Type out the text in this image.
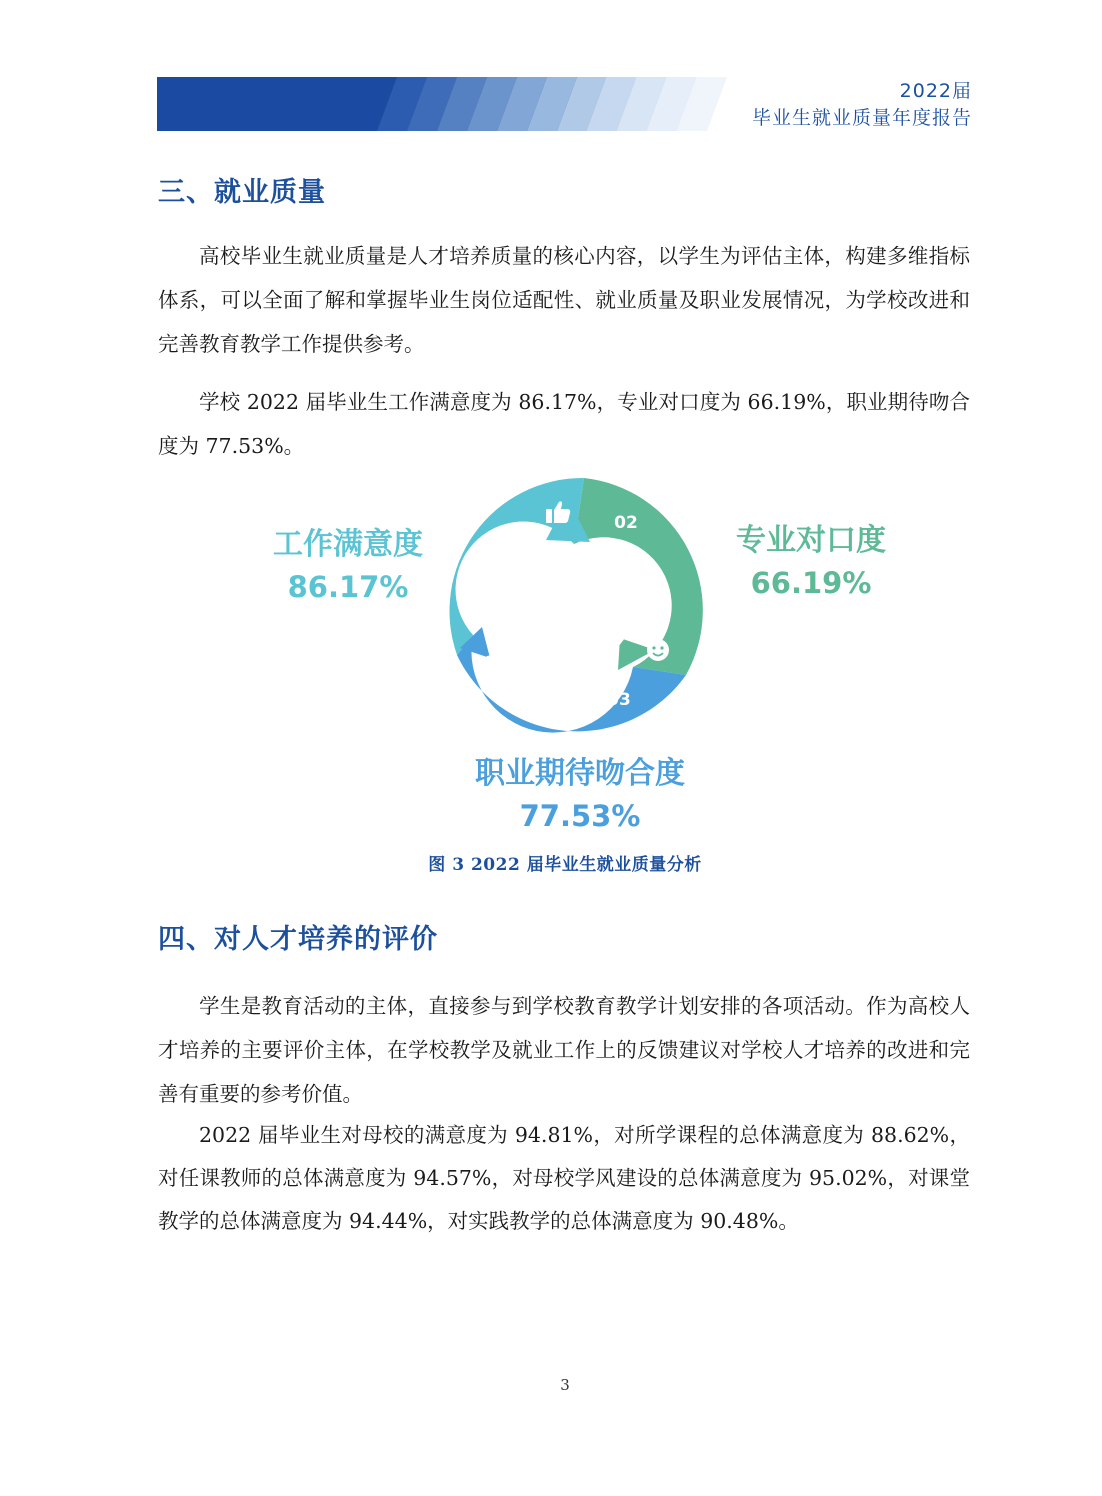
2022届
毕业生就业质量年度报告
三、就业质量

高校毕业生就业质量是人才培养质量的核心内容，以学生为评估主体，构建多维指标体系，可以全面了解和掌握毕业生岗位适配性、就业质量及职业发展情况，为学校改进和完善教育教学工作提供参考。

学校 2022 届毕业生工作满意度为 86.17%，专业对口度为 66.19%，职业期待吻合度为 77.53%。

01
02
03
工作满意度
86.17%
专业对口度
66.19%
职业期待吻合度
77.53%
图 3 2022 届毕业生就业质量分析
四、对人才培养的评价

学生是教育活动的主体，直接参与到学校教育教学计划安排的各项活动。作为高校人才培养的主要评价主体，在学校教学及就业工作上的反馈建议对学校人才培养的改进和完善有重要的参考价值。

2022 届毕业生对母校的满意度为 94.81%，对所学课程的总体满意度为 88.62%，对任课教师的总体满意度为 94.57%，对母校学风建设的总体满意度为 95.02%，对课堂教学的总体满意度为 94.44%，对实践教学的总体满意度为 90.48%。

3
